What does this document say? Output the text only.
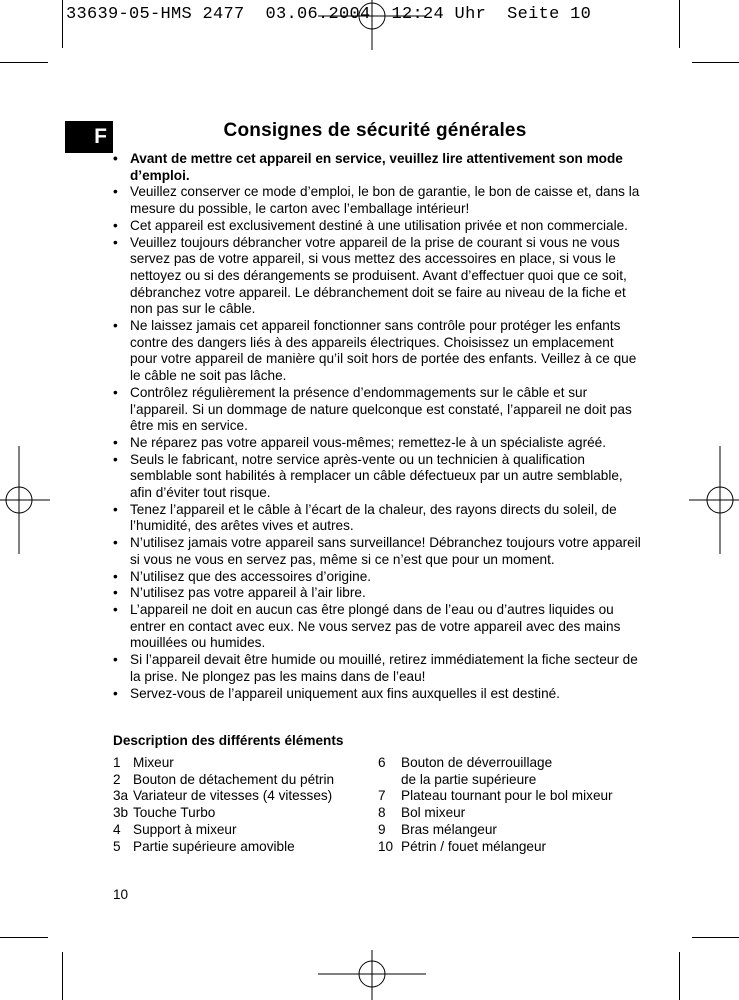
33639-05-HMS 2477  03.06.2004  12:24 Uhr  Seite 10
F	Consignes de sécurité générales
• Avant de mettre cet appareil en service, veuillez lire attentivement son mode d’emploi.
• Veuillez conserver ce mode d’emploi, le bon de garantie, le bon de caisse et, dans la mesure du possible, le carton avec l’emballage intérieur!
• Cet appareil est exclusivement destiné à une utilisation privée et non commerciale.
• Veuillez toujours débrancher votre appareil de la prise de courant si vous ne vous servez pas de votre appareil, si vous mettez des accessoires en place, si vous le nettoyez ou si des dérangements se produisent. Avant d’effectuer quoi que ce soit, débranchez votre appareil. Le débranchement doit se faire au niveau de la fiche et non pas sur le câble.
• Ne laissez jamais cet appareil fonctionner sans contrôle pour protéger les enfants contre des dangers liés à des appareils électriques. Choisissez un emplacement pour votre appareil de manière qu’il soit hors de portée des enfants. Veillez à ce que le câble ne soit pas lâche.
• Contrôlez régulièrement la présence d’endommagements sur le câble et sur l’appareil. Si un dommage de nature quelconque est constaté, l’appareil ne doit pas être mis en service.
• Ne réparez pas votre appareil vous-mêmes; remettez-le à un spécialiste agréé.
• Seuls le fabricant, notre service après-vente ou un technicien à qualification semblable sont habilités à remplacer un câble défectueux par un autre semblable, afin d’éviter tout risque.
• Tenez l’appareil et le câble à l’écart de la chaleur, des rayons directs du soleil, de l’humidité, des arêtes vives et autres.
• N’utilisez jamais votre appareil sans surveillance! Débranchez toujours votre appareil si vous ne vous en servez pas, même si ce n’est que pour un moment.
• N’utilisez que des accessoires d’origine.
• N’utilisez pas votre appareil à l’air libre.
• L’appareil ne doit en aucun cas être plongé dans de l’eau ou d’autres liquides ou entrer en contact avec eux. Ne vous servez pas de votre appareil avec des mains mouillées ou humides.
• Si l’appareil devait être humide ou mouillé, retirez immédiatement la fiche secteur de la prise. Ne plongez pas les mains dans de l’eau!
• Servez-vous de l’appareil uniquement aux fins auxquelles il est destiné.
Description des différents éléments
1 Mixeur
2 Bouton de détachement du pétrin
3a Variateur de vitesses (4 vitesses)
3b Touche Turbo
4 Support à mixeur
5 Partie supérieure amovible
6	Bouton de déverrouillage
de la partie supérieure
7	Plateau tournant pour le bol mixeur
8	Bol mixeur
9	Bras mélangeur
10 Pétrin / fouet mélangeur
10
